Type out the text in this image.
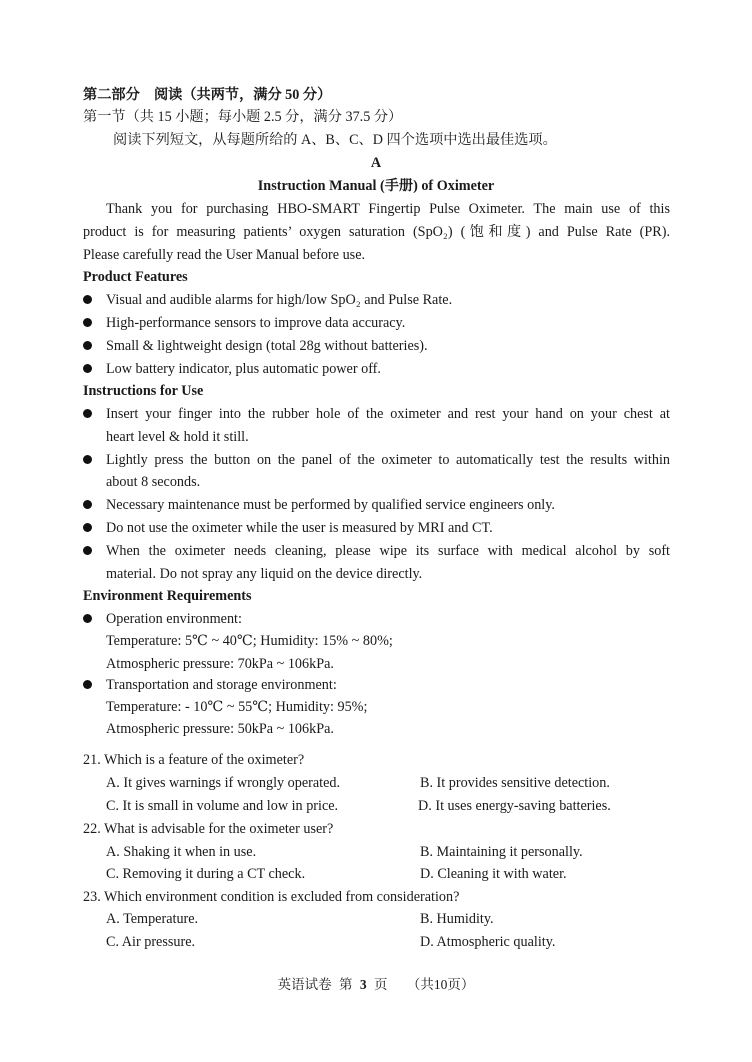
第二部分　阅读（共两节，满分 50 分）
第一节（共 15 小题；每小题 2.5 分，满分 37.5 分）
阅读下列短文，从每题所给的 A、B、C、D 四个选项中选出最佳选项。
A
Instruction Manual (手册) of Oximeter
Thank you for purchasing HBO-SMART Fingertip Pulse Oximeter. The main use of this
product is for measuring patients’ oxygen saturation (SpO₂) (饱和度) and Pulse Rate (PR).
Please carefully read the User Manual before use.
Product Features
Visual and audible alarms for high/low SpO₂ and Pulse Rate.
High-performance sensors to improve data accuracy.
Small & lightweight design (total 28g without batteries).
Low battery indicator, plus automatic power off.
Instructions for Use
Insert your finger into the rubber hole of the oximeter and rest your hand on your chest at
heart level & hold it still.
Lightly press the button on the panel of the oximeter to automatically test the results within
about 8 seconds.
Necessary maintenance must be performed by qualified service engineers only.
Do not use the oximeter while the user is measured by MRI and CT.
When the oximeter needs cleaning, please wipe its surface with medical alcohol by soft
material. Do not spray any liquid on the device directly.
Environment Requirements
Operation environment:
Temperature: 5℃ ~ 40℃; Humidity: 15% ~ 80%;
Atmospheric pressure: 70kPa ~ 106kPa.
Transportation and storage environment:
Temperature: - 10℃ ~ 55℃; Humidity: 95%;
Atmospheric pressure: 50kPa ~ 106kPa.
21. Which is a feature of the oximeter?
A. It gives warnings if wrongly operated.	B. It provides sensitive detection.
C. It is small in volume and low in price.	D. It uses energy-saving batteries.
22. What is advisable for the oximeter user?
A. Shaking it when in use.	B. Maintaining it personally.
C. Removing it during a CT check.	D. Cleaning it with water.
23. Which environment condition is excluded from consideration?
A. Temperature.	B. Humidity.
C. Air pressure.	D. Atmospheric quality.
英语试卷 第 3 页 （共10页）
